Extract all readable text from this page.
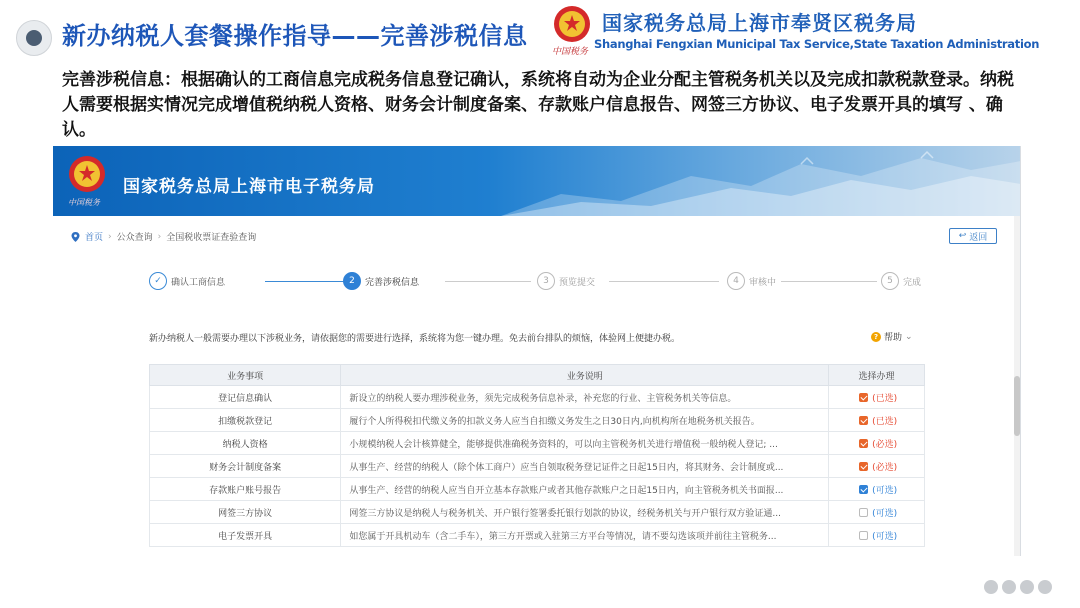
新办纳税人套餐操作指导——完善涉税信息
中国税务
国家税务总局上海市奉贤区税务局
Shanghai Fengxian Municipal Tax Service,State Taxation Administration
完善涉税信息：根据确认的工商信息完成税务信息登记确认，系统将自动为企业分配主管税务机关以及完成扣款税款登录。纳税人需要根据实情况完成增值税纳税人资格、财务会计制度备案、存款账户信息报告、网签三方协议、电子发票开具的填写 、确认。
中国税务
国家税务总局上海市电子税务局
首页 › 公众查询 › 全国税收票证查验查询	↩ 返回
✓	确认工商信息	2	完善涉税信息	3	预览提交	4	审核中	5	完成
新办纳税人一般需要办理以下涉税业务，请依据您的需要进行选择，系统将为您一键办理。免去前台排队的烦恼，体验网上便捷办税。	? 帮助 ⌄
业务事项	业务说明	选择办理
登记信息确认	新设立的纳税人要办理涉税业务，须先完成税务信息补录，补充您的行业、主管税务机关等信息。	(已选)
扣缴税款登记	履行个人所得税扣代缴义务的扣款义务人应当自扣缴义务发生之日30日内,向机构所在地税务机关报告。	(已选)
纳税人资格	小规模纳税人会计核算健全，能够提供准确税务资料的，可以向主管税务机关进行增值税一般纳税人登记; ...	(必选)
财务会计制度备案	从事生产、经营的纳税人（除个体工商户）应当自领取税务登记证件之日起15日内，将其财务、会计制度或...	(必选)
存款账户账号报告	从事生产、经营的纳税人应当自开立基本存款账户或者其他存款账户之日起15日内，向主管税务机关书面报...	(可选)
网签三方协议	网签三方协议是纳税人与税务机关、开户银行签署委托银行划款的协议，经税务机关与开户银行双方验证通...	(可选)
电子发票开具	如您属于开具机动车（含二手车），第三方开票或入驻第三方平台等情况，请不要勾选该项并前往主管税务...	(可选)
